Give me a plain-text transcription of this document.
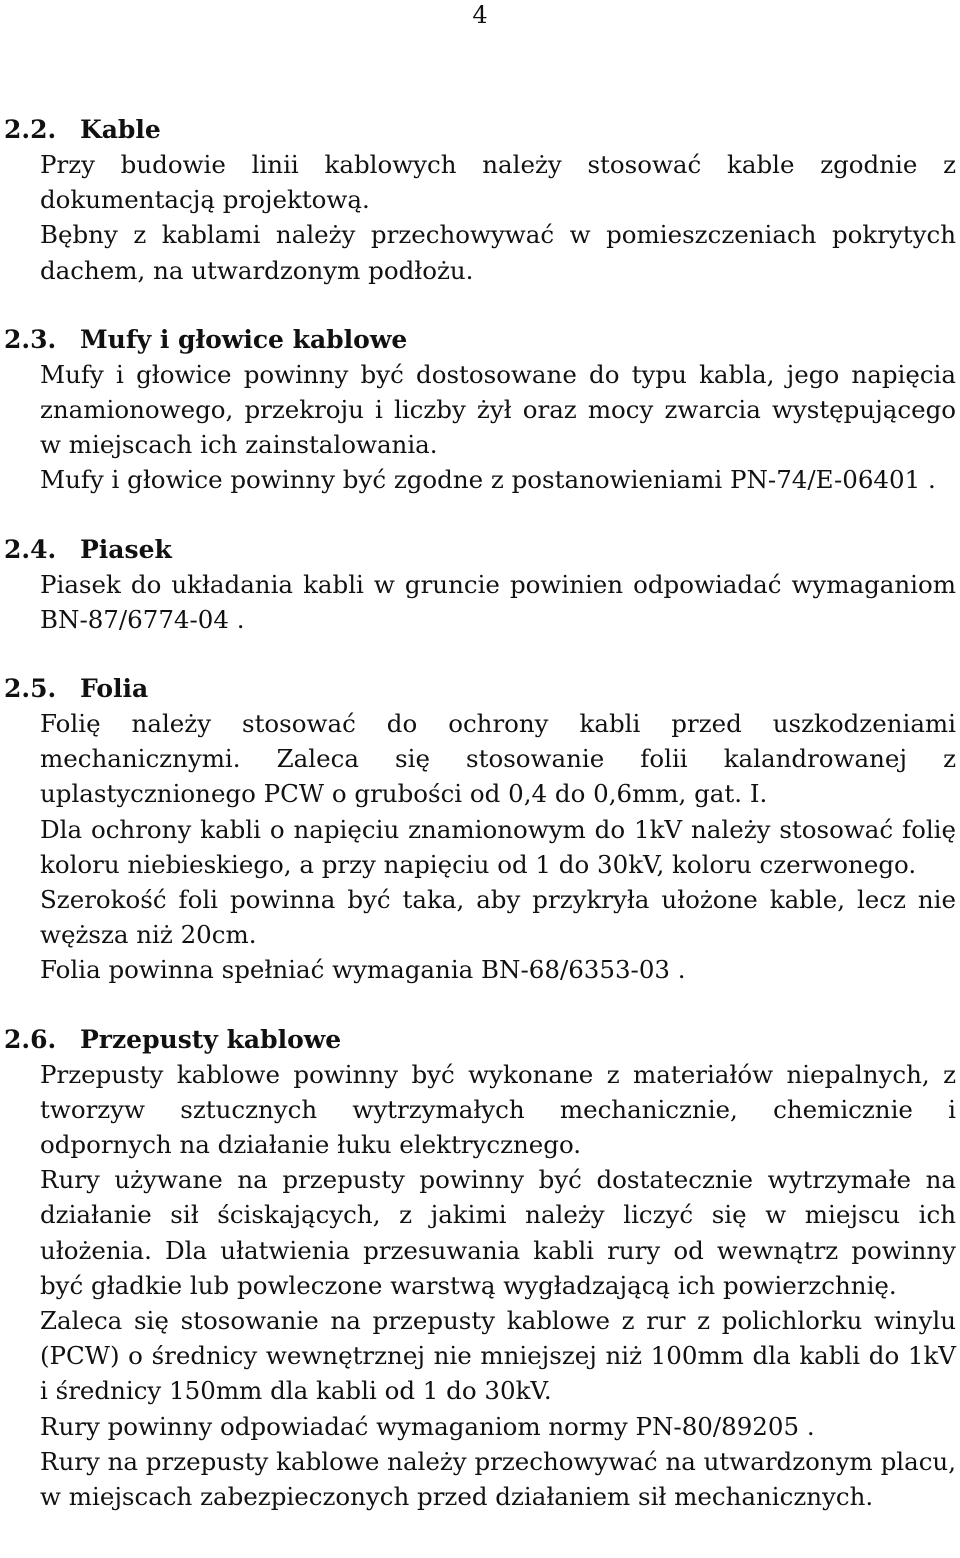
4
2.2. Kable
Przy budowie linii kablowych należy stosować kable zgodnie z dokumentacją projektową.
Bębny z kablami należy przechowywać w pomieszczeniach pokrytych dachem, na utwardzonym podłożu.
2.3. Mufy i głowice kablowe
Mufy i głowice powinny być dostosowane do typu kabla, jego napięcia znamionowego, przekroju i liczby żył oraz mocy zwarcia występującego w miejscach ich zainstalowania.
Mufy i głowice powinny być zgodne z postanowieniami PN-74/E-06401 .
2.4. Piasek
Piasek do układania kabli w gruncie powinien odpowiadać wymaganiom BN-87/6774-04 .
2.5. Folia
Folię należy stosować do ochrony kabli przed uszkodzeniami mechanicznymi. Zaleca się stosowanie folii kalandrowanej z uplastycznionego PCW o grubości od 0,4 do 0,6mm, gat. I.
Dla ochrony kabli o napięciu znamionowym do 1kV należy stosować folię koloru niebieskiego, a przy napięciu od 1 do 30kV, koloru czerwonego.
Szerokość foli powinna być taka, aby przykryła ułożone kable, lecz nie węższa niż 20cm.
Folia powinna spełniać wymagania BN-68/6353-03 .
2.6. Przepusty kablowe
Przepusty kablowe powinny być wykonane z materiałów niepalnych, z tworzyw sztucznych wytrzymałych mechanicznie, chemicznie i odpornych na działanie łuku elektrycznego.
Rury używane na przepusty powinny być dostatecznie wytrzymałe na działanie sił ściskających, z jakimi należy liczyć się w miejscu ich ułożenia. Dla ułatwienia przesuwania kabli rury od wewnątrz powinny być gładkie lub powleczone warstwą wygładzającą ich powierzchnię.
Zaleca się stosowanie na przepusty kablowe z rur z polichlorku winylu (PCW) o średnicy wewnętrznej nie mniejszej niż 100mm dla kabli do 1kV i średnicy 150mm dla kabli od 1 do 30kV.
Rury powinny odpowiadać wymaganiom normy PN-80/89205 .
Rury na przepusty kablowe należy przechowywać na utwardzonym placu, w miejscach zabezpieczonych przed działaniem sił mechanicznych.
